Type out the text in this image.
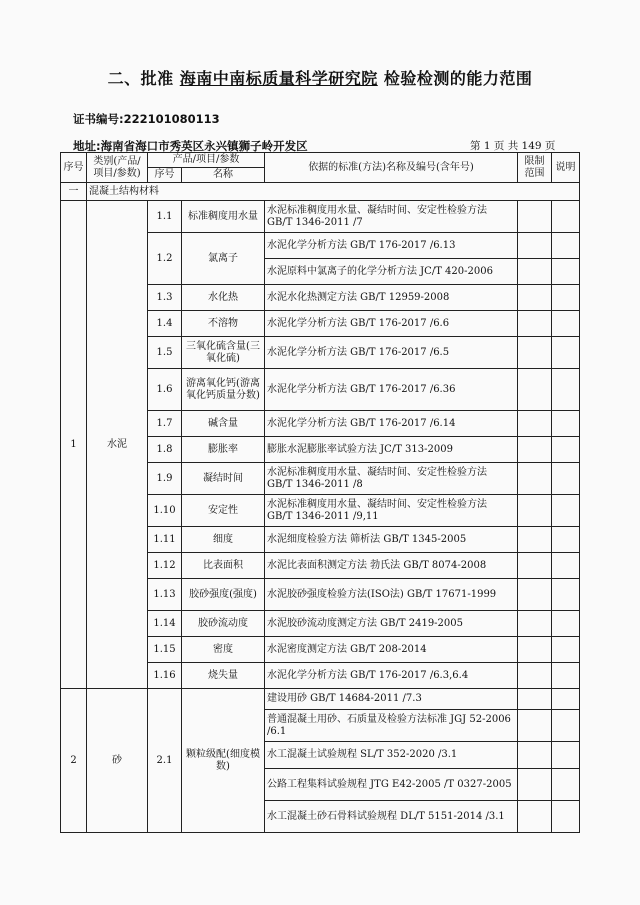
二、批准 海南中南标质量科学研究院 检验检测的能力范围
证书编号:222101080113
地址:海南省海口市秀英区永兴镇狮子岭开发区	第 1 页 共 149 页
序号	类别(产品/项目/参数)	产品/项目/参数		依据的标准(方法)名称及编号(含年号)	限制范围	说明
		序号	名称			
一	混凝土结构材料					
1	水泥	1.1	标准稠度用水量	水泥标准稠度用水量、凝结时间、安定性检验方法 GB/T 1346-2011 /7		
		1.2	氯离子	水泥化学分析方法 GB/T 176-2017 /6.13		
				水泥原料中氯离子的化学分析方法 JC/T 420-2006		
		1.3	水化热	水泥水化热测定方法 GB/T 12959-2008		
		1.4	不溶物	水泥化学分析方法 GB/T 176-2017 /6.6		
		1.5	三氧化硫含量(三氧化硫)	水泥化学分析方法 GB/T 176-2017 /6.5		
		1.6	游离氧化钙(游离氧化钙质量分数)	水泥化学分析方法 GB/T 176-2017 /6.36		
		1.7	碱含量	水泥化学分析方法 GB/T 176-2017 /6.14		
		1.8	膨胀率	膨胀水泥膨胀率试验方法 JC/T 313-2009		
		1.9	凝结时间	水泥标准稠度用水量、凝结时间、安定性检验方法 GB/T 1346-2011 /8		
		1.10	安定性	水泥标准稠度用水量、凝结时间、安定性检验方法 GB/T 1346-2011 /9,11		
		1.11	细度	水泥细度检验方法 筛析法 GB/T 1345-2005		
		1.12	比表面积	水泥比表面积测定方法 勃氏法 GB/T 8074-2008		
		1.13	胶砂强度(强度)	水泥胶砂强度检验方法(ISO法) GB/T 17671-1999		
		1.14	胶砂流动度	水泥胶砂流动度测定方法 GB/T 2419-2005		
		1.15	密度	水泥密度测定方法 GB/T 208-2014		
		1.16	烧失量	水泥化学分析方法 GB/T 176-2017 /6.3,6.4		
2	砂	2.1	颗粒级配(细度模数)	建设用砂 GB/T 14684-2011 /7.3		
				普通混凝土用砂、石质量及检验方法标准 JGJ 52-2006 /6.1		
				水工混凝土试验规程 SL/T 352-2020 /3.1		
				公路工程集料试验规程 JTG E42-2005 /T 0327-2005		
				水工混凝土砂石骨料试验规程 DL/T 5151-2014 /3.1		
